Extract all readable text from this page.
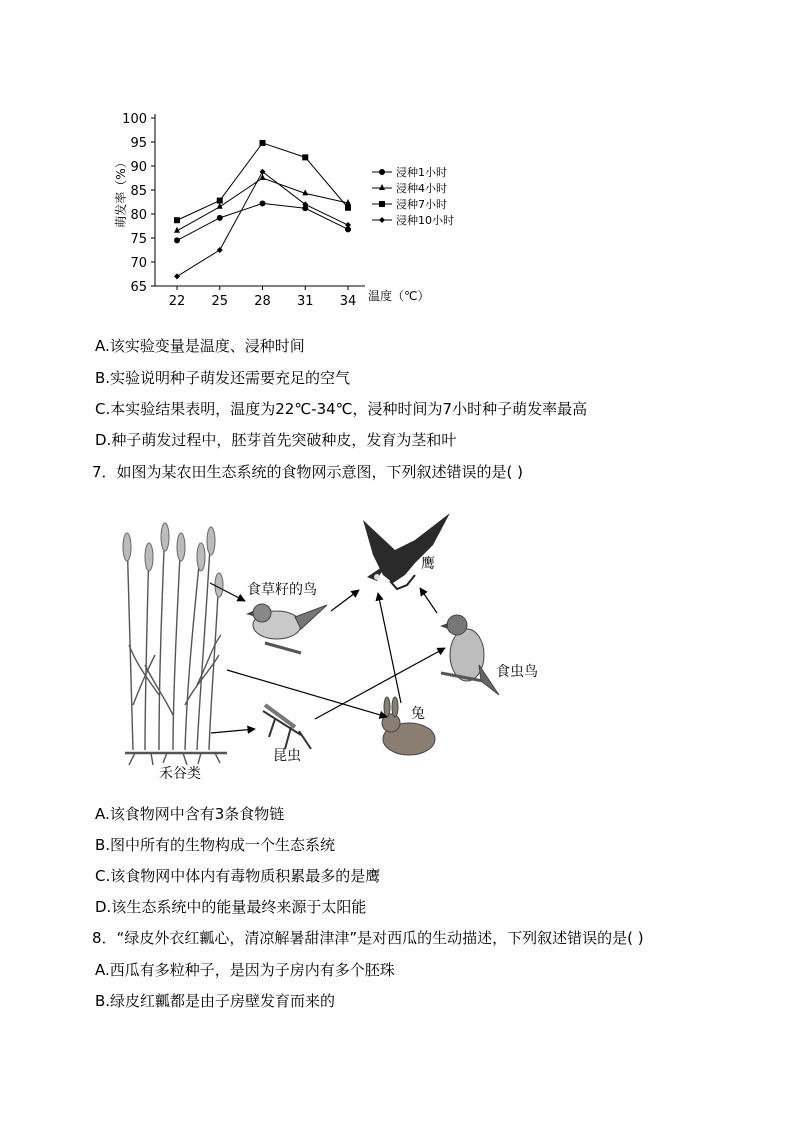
65
70
75
80
85
90
95
100
22 25 28 31 34 温度（℃）
萌发率（%）	浸种1小时
浸种4小时
浸种7小时
浸种10小时
A.该实验变量是温度、浸种时间
B.实验说明种子萌发还需要充足的空气
C.本实验结果表明，温度为22℃-34℃，浸种时间为7小时种子萌发率最高
D.种子萌发过程中，胚芽首先突破种皮，发育为茎和叶
7．如图为某农田生态系统的食物网示意图，下列叙述错误的是( )
鹰
食草籽的鸟
食虫鸟
兔
昆虫
禾谷类
A.该食物网中含有3条食物链
B.图中所有的生物构成一个生态系统
C.该食物网中体内有毒物质积累最多的是鹰
D.该生态系统中的能量最终来源于太阳能
8．“绿皮外衣红瓤心，清凉解暑甜津津”是对西瓜的生动描述，下列叙述错误的是( )
A.西瓜有多粒种子，是因为子房内有多个胚珠
B.绿皮红瓤都是由子房壁发育而来的
